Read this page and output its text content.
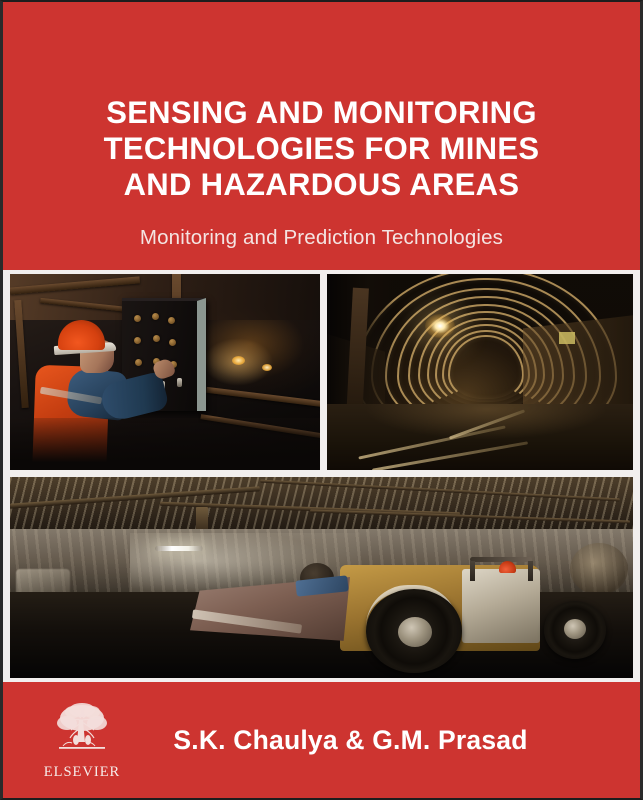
SENSING AND MONITORING
TECHNOLOGIES FOR MINES
AND HAZARDOUS AREAS
Monitoring and Prediction Technologies
ELSEVIER
S.K. Chaulya & G.M. Prasad
